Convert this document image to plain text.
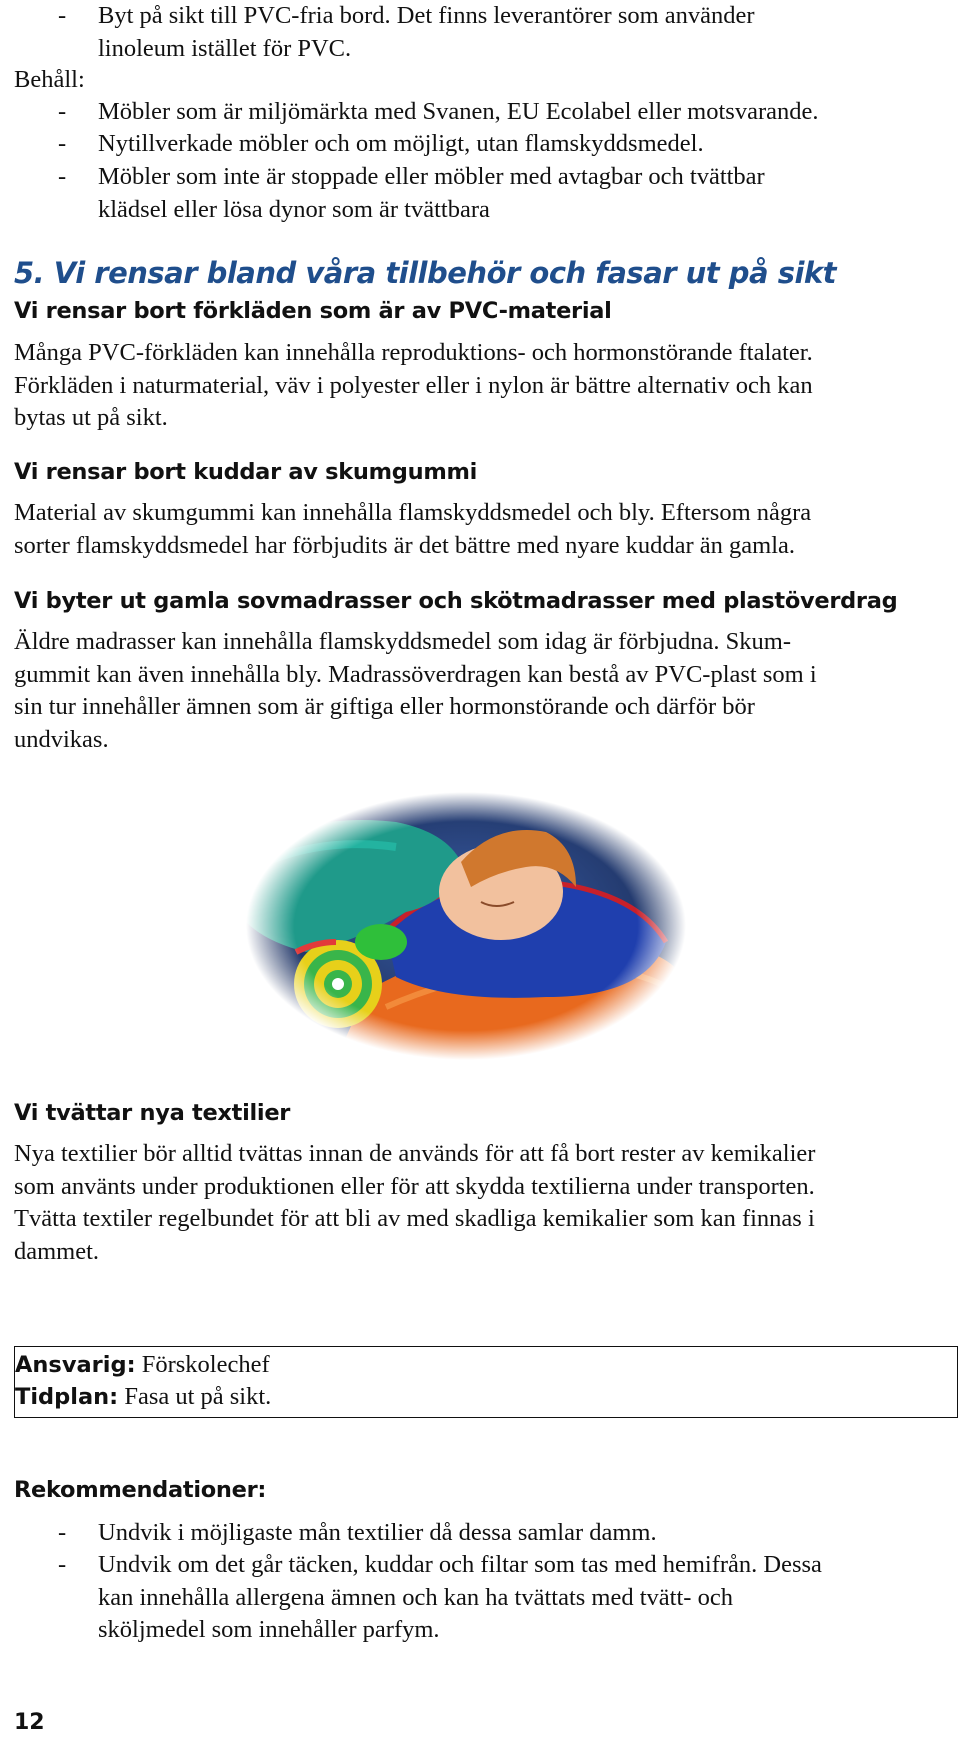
- Byt på sikt till PVC-fria bord. Det finns leverantörer som använder
linoleum istället för PVC.
Behåll:
- Möbler som är miljömärkta med Svanen, EU Ecolabel eller motsvarande.
- Nytillverkade möbler och om möjligt, utan flamskyddsmedel.
- Möbler som inte är stoppade eller möbler med avtagbar och tvättbar
klädsel eller lösa dynor som är tvättbara
5. Vi rensar bland våra tillbehör och fasar ut på sikt
Vi rensar bort förkläden som är av PVC-material
Många PVC-förkläden kan innehålla reproduktions- och hormonstörande ftalater.
Förkläden i naturmaterial, väv i polyester eller i nylon är bättre alternativ och kan
bytas ut på sikt.
Vi rensar bort kuddar av skumgummi
Material av skumgummi kan innehålla flamskyddsmedel och bly. Eftersom några
sorter flamskyddsmedel har förbjudits är det bättre med nyare kuddar än gamla.
Vi byter ut gamla sovmadrasser och skötmadrasser med plastöverdrag
Äldre madrasser kan innehålla flamskyddsmedel som idag är förbjudna. Skum-
gummit kan även innehålla bly. Madrassöverdragen kan bestå av PVC-plast som i
sin tur innehåller ämnen som är giftiga eller hormonstörande och därför bör
undvikas.
Vi tvättar nya textilier
Nya textilier bör alltid tvättas innan de används för att få bort rester av kemikalier
som använts under produktionen eller för att skydda textilierna under transporten.
Tvätta textiler regelbundet för att bli av med skadliga kemikalier som kan finnas i
dammet.
Ansvarig: Förskolechef
Tidplan: Fasa ut på sikt.
Rekommendationer:
- Undvik i möjligaste mån textilier då dessa samlar damm.
- Undvik om det går täcken, kuddar och filtar som tas med hemifrån. Dessa
kan innehålla allergena ämnen och kan ha tvättats med tvätt- och
sköljmedel som innehåller parfym.
12
